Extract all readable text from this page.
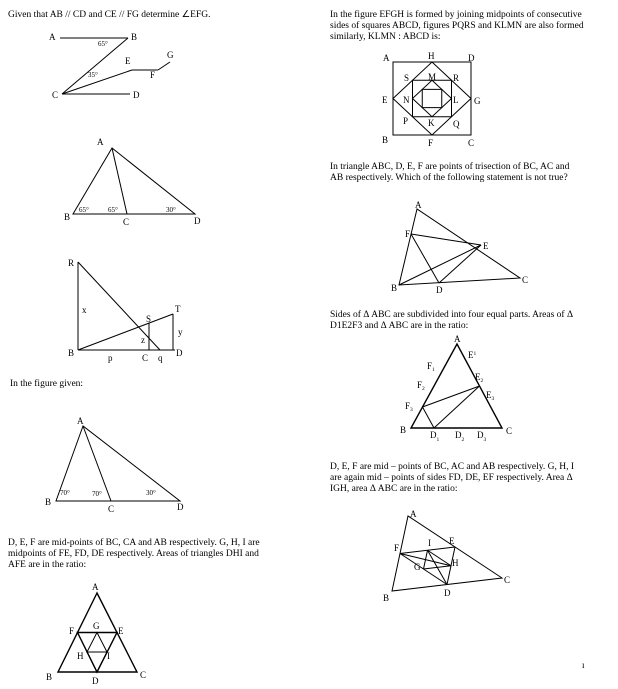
Given that AB // CD and CE // FG determine ∠EFG.

In the figure given:

D, E, F are mid-points of BC, CA and AB respectively. G, H, I are midpoints of FE, FD, DE respectively. Areas of triangles DHI and AFE are in the ratio:

In the figure EFGH is formed by joining midpoints of consecutive sides of squares ABCD, figures PQRS and KLMN are also formed similarly, KLMN : ABCD is:

In triangle ABC, D, E, F are points of trisection of BC, AC and AB respectively. Which of the following statement is not true?

Sides of Δ ABC are subdivided into four equal parts. Areas of Δ D1E2F3 and Δ ABC are in the ratio:

D, E, F are mid – points of BC, AC and AB respectively. G, H, I are again mid – points of sides FD, DE, EF respectively. Area Δ IGH, area Δ ABC are in the ratio:

A	B
C	D
E
F
G
65°
35°
A
B	C	D
65°	65°	30°
R
S
T
B	C	D
x
y
z
p	q
A
B
C	D
70°	70°	30°
A
B	C
D
E
F G
H	I
A	H	D
E	G
B	F	C
S M R
N	L
P K Q
A
F
E
B	D
C
A
B	C
$E^1$
$E_2$
$E_3$
$F_1$
$F_2$
$F_3$
$D_1$ $D_2$ $D_3$
A
F	I E
G	H
B	D
C
ı
